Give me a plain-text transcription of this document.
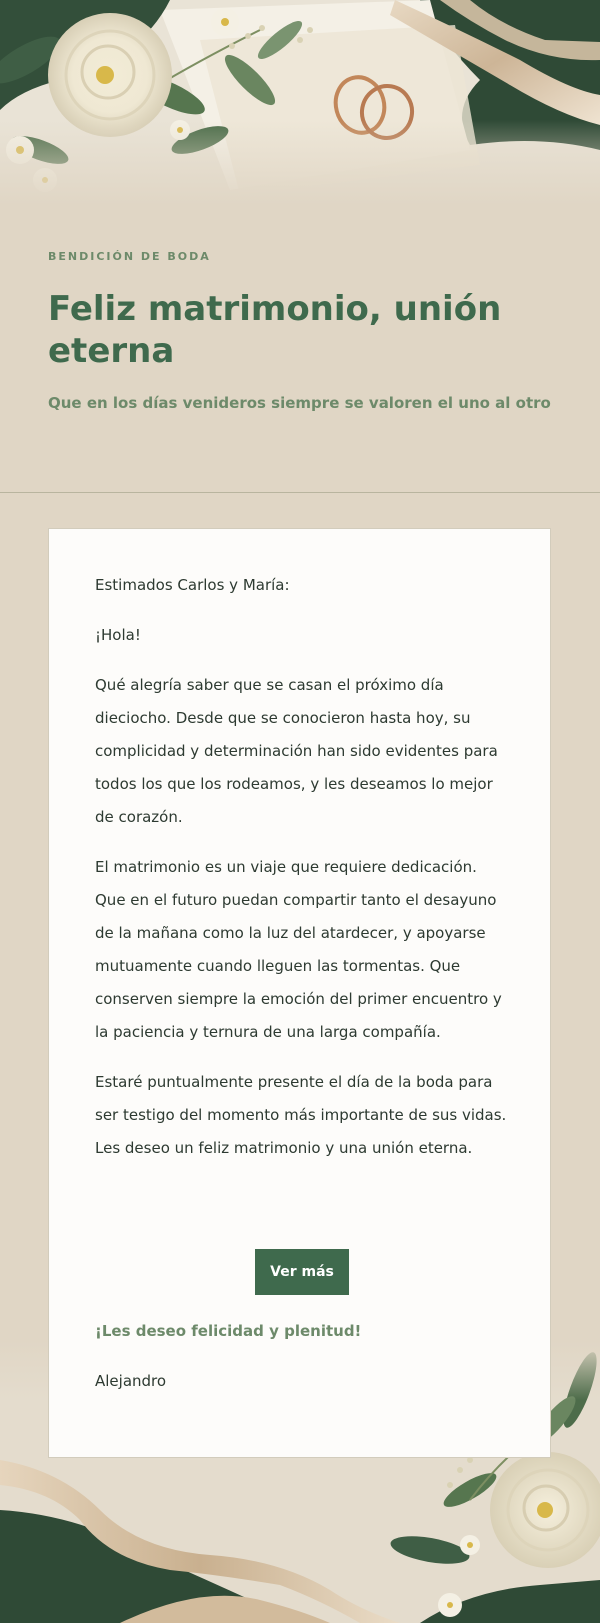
BENDICIÓN DE BODA
Feliz matrimonio, unión eterna
Que en los días venideros siempre se valoren el uno al otro

Estimados Carlos y María:

¡Hola!

Qué alegría saber que se casan el próximo día dieciocho. Desde que se conocieron hasta hoy, su complicidad y determinación han sido evidentes para todos los que los rodeamos, y les deseamos lo mejor de corazón.

El matrimonio es un viaje que requiere dedicación. Que en el futuro puedan compartir tanto el desayuno de la mañana como la luz del atardecer, y apoyarse mutuamente cuando lleguen las tormentas. Que conserven siempre la emoción del primer encuentro y la paciencia y ternura de una larga compañía.

Estaré puntualmente presente el día de la boda para ser testigo del momento más importante de sus vidas. Les deseo un feliz matrimonio y una unión eterna.

Ver más
¡Les deseo felicidad y plenitud!
Alejandro
